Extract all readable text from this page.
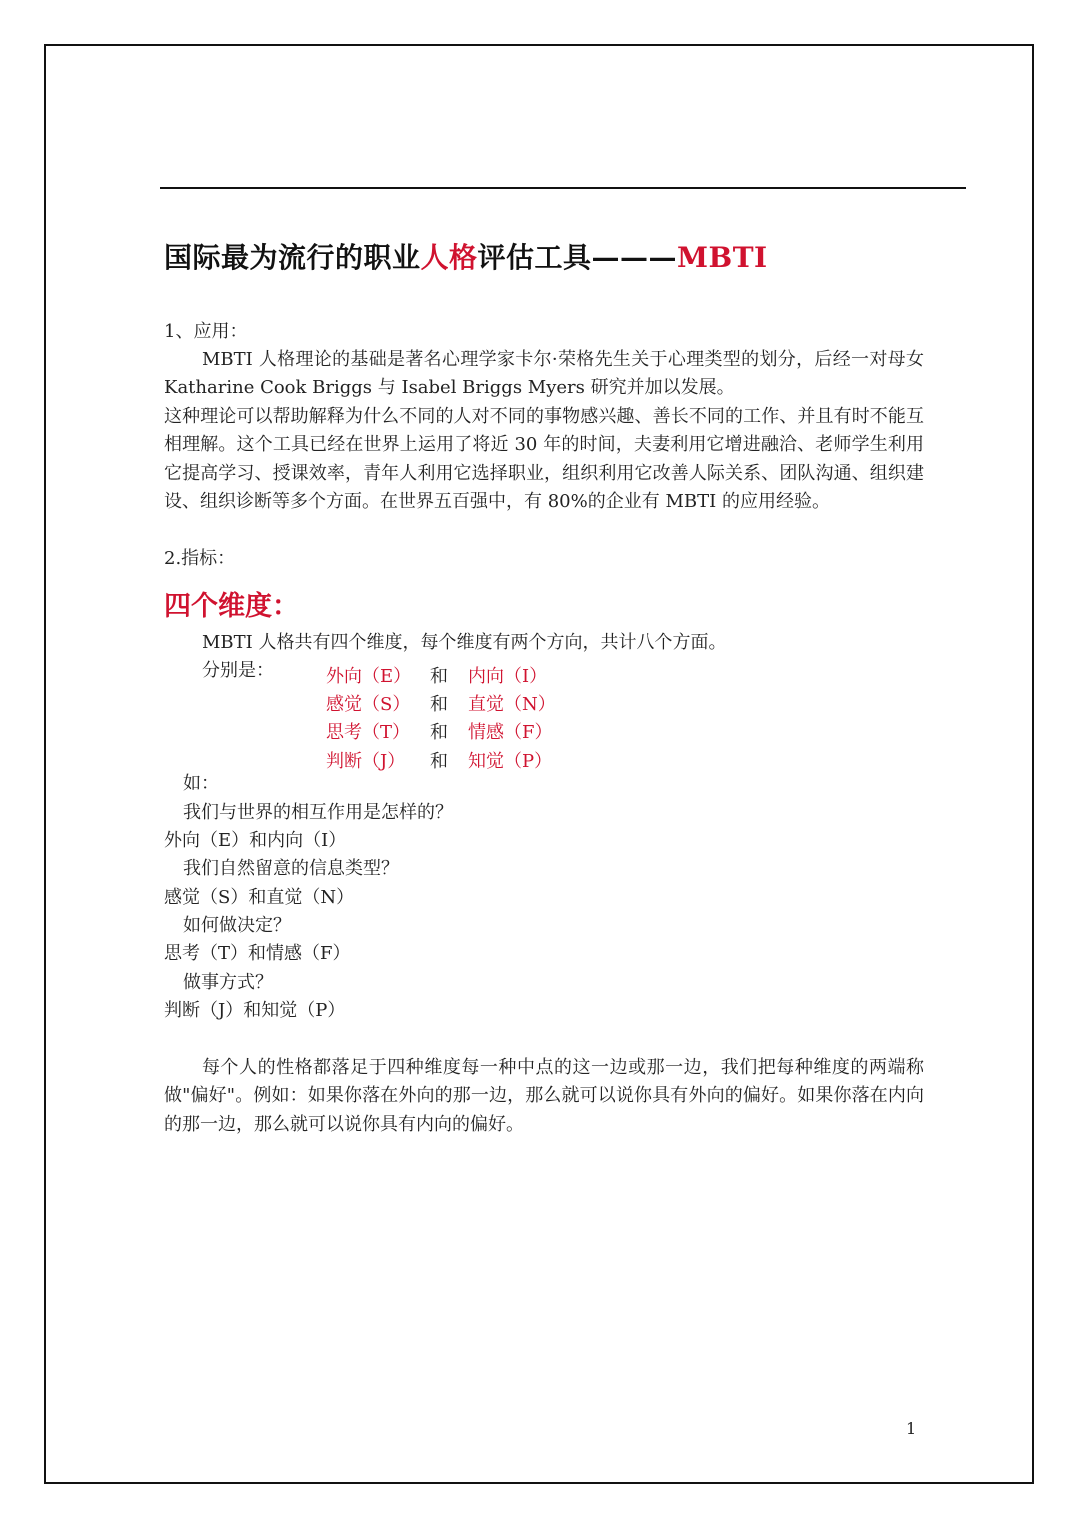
国际最为流行的职业人格评估工具———MBTI
1、应用：
MBTI 人格理论的基础是著名心理学家卡尔·荣格先生关于心理类型的划分，后经一对母女 Katharine Cook Briggs 与 Isabel Briggs Myers 研究并加以发展。
这种理论可以帮助解释为什么不同的人对不同的事物感兴趣、善长不同的工作、并且有时不能互相理解。这个工具已经在世界上运用了将近 30 年的时间，夫妻利用它增进融洽、老师学生利用它提高学习、授课效率，青年人利用它选择职业，组织利用它改善人际关系、团队沟通、组织建设、组织诊断等多个方面。在世界五百强中，有 80%的企业有 MBTI 的应用经验。
2.指标：
四个维度：
MBTI 人格共有四个维度，每个维度有两个方向，共计八个方面。
分别是：	外向（E） 和 内向（I）
感觉（S） 和 直觉（N）
思考（T） 和 情感（F）
判断（J） 和 知觉（P）
如：
我们与世界的相互作用是怎样的？
外向（E）和内向（I）
我们自然留意的信息类型？
感觉（S）和直觉（N）
如何做决定？
思考（T）和情感（F）
做事方式？
判断（J）和知觉（P）
每个人的性格都落足于四种维度每一种中点的这一边或那一边，我们把每种维度的两端称做"偏好"。例如：如果你落在外向的那一边，那么就可以说你具有外向的偏好。如果你落在内向的那一边，那么就可以说你具有内向的偏好。
1
